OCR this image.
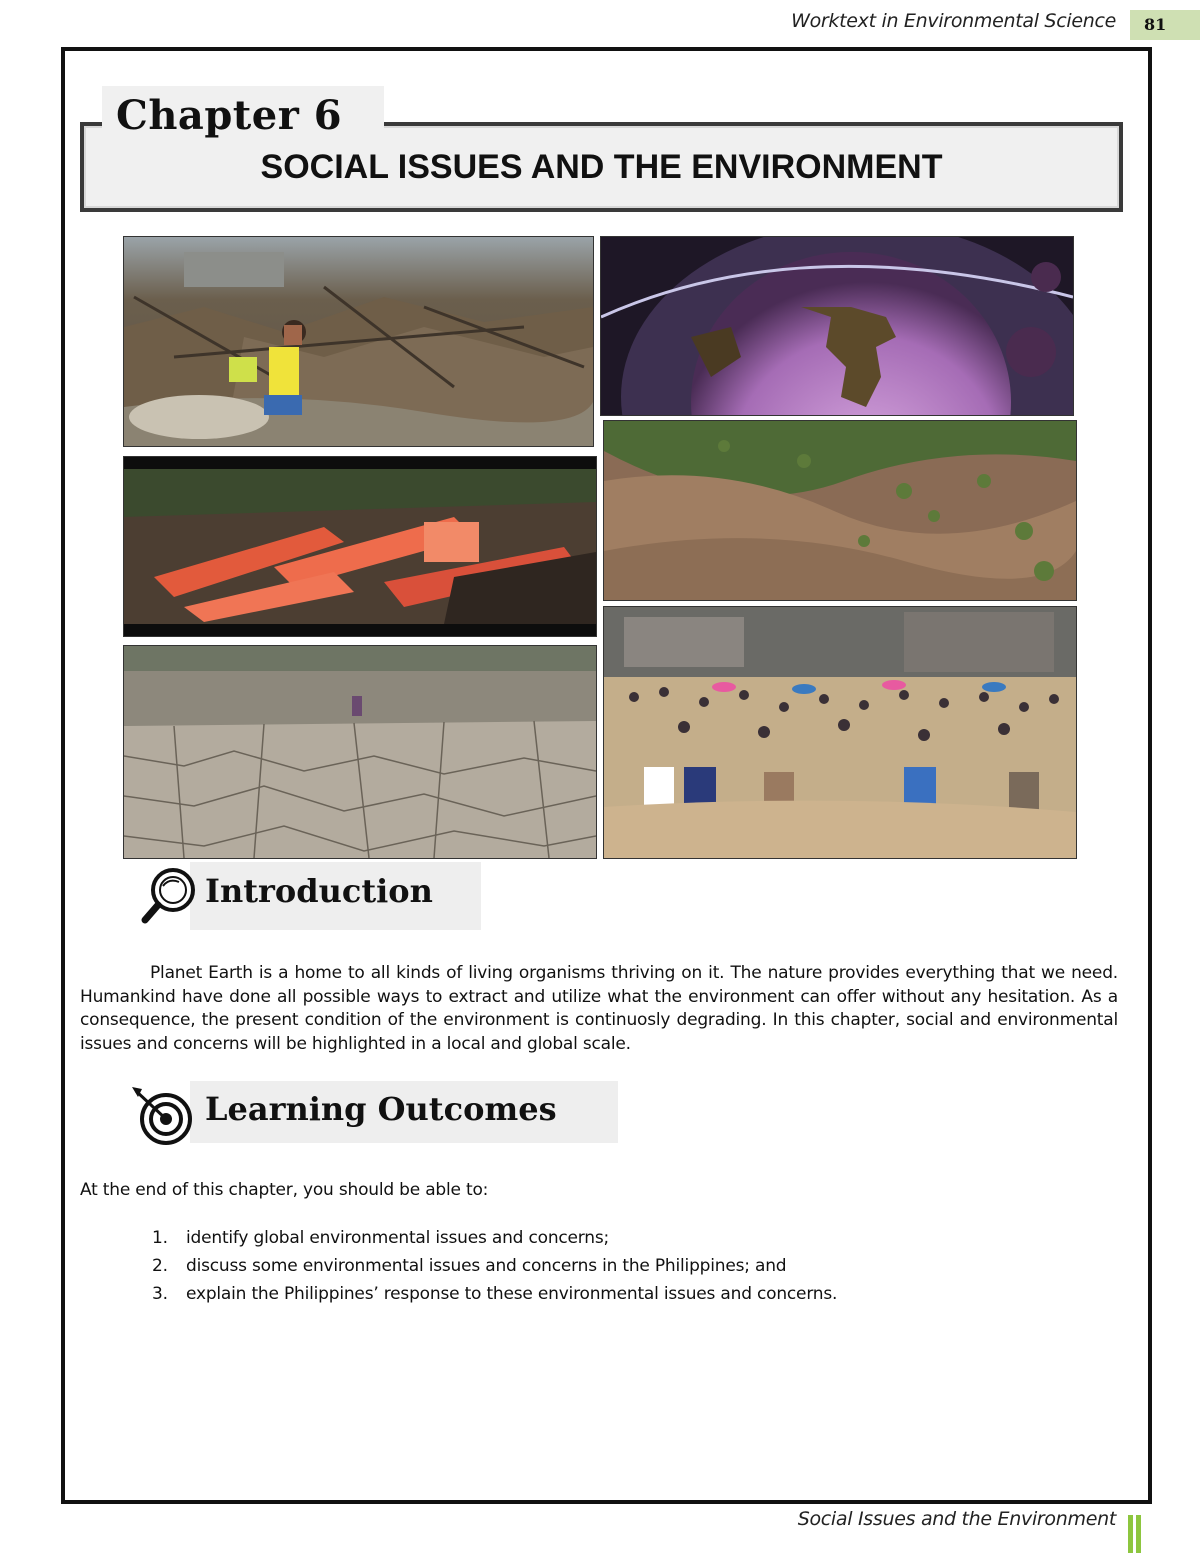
Worktext in Environmental Science	81
Chapter 6
SOCIAL ISSUES AND THE ENVIRONMENT
Introduction

Planet Earth is a home to all kinds of living organisms thriving on it. The nature provides everything that we need. Humankind have done all possible ways to extract and utilize what the environment can offer without any hesitation. As a consequence, the present condition of the environment is continuosly degrading. In this chapter, social and environmental issues and concerns will be highlighted in a local and global scale.

Learning Outcomes

At the end of this chapter, you should be able to:

1. identify global environmental issues and concerns;
2. discuss some environmental issues and concerns in the Philippines; and
3. explain the Philippines’ response to these environmental issues and concerns.
Social Issues and the Environment
